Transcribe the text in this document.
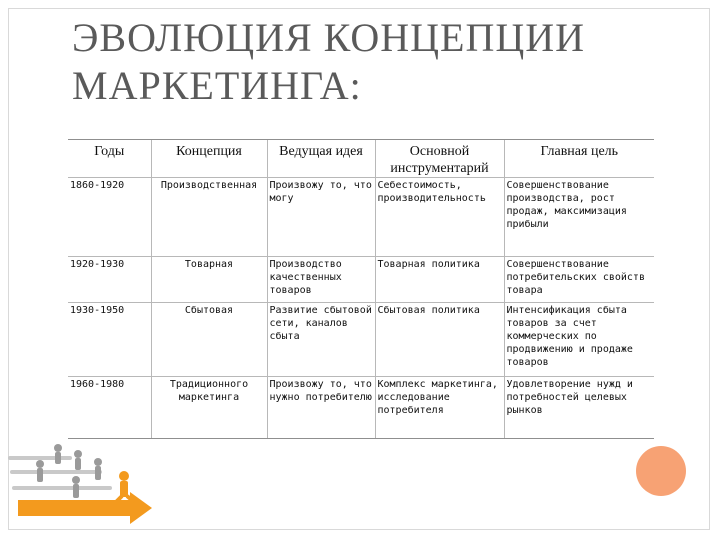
ЭВОЛЮЦИЯ КОНЦЕПЦИИ МАРКЕТИНГА:
Годы	Концепция	Ведущая идея	Основной инструментарий	Главная цель
1860-1920	Производственная	Произвожу то, что могу	Себестоимость, производительность	Совершенствование производства, рост продаж, максимизация прибыли
1920-1930	Товарная	Производство качественных товаров	Товарная политика	Совершенствование потребительских свойств товара
1930-1950	Сбытовая	Развитие сбытовой сети, каналов сбыта	Сбытовая политика	Интенсификация сбыта товаров за счет коммерческих по продвижению и продаже товаров
1960-1980	Традиционного маркетинга	Произвожу то, что нужно потребителю	Комплекс маркетинга, исследование потребителя	Удовлетворение нужд и потребностей целевых рынков
